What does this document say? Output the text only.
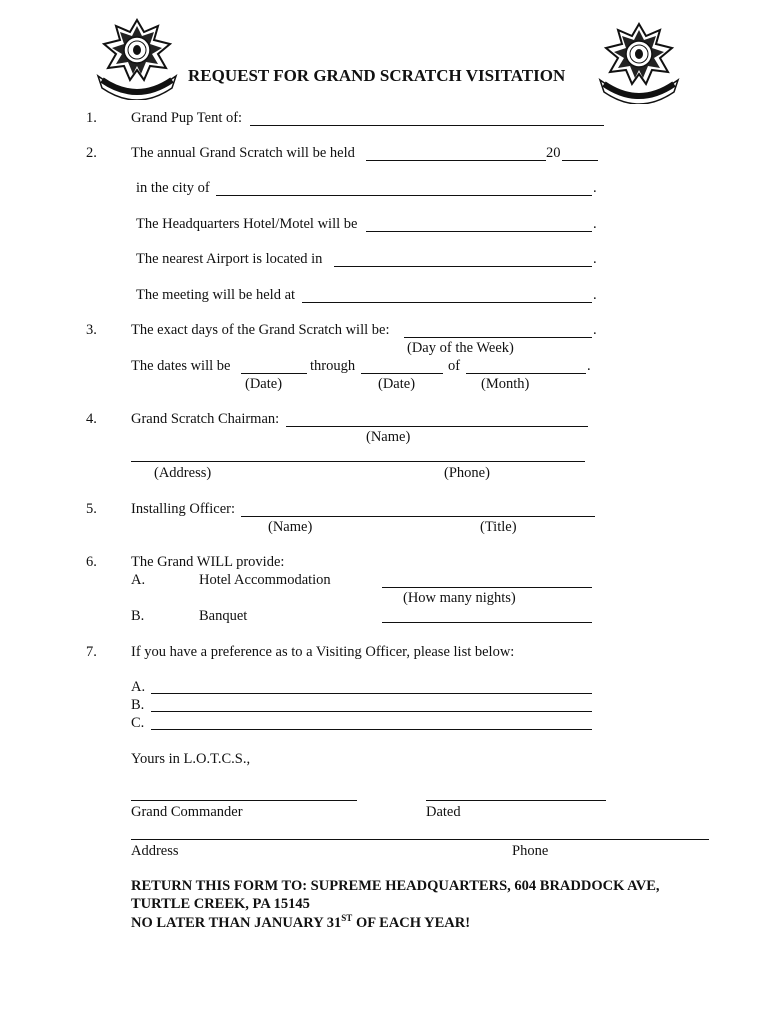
REQUEST FOR GRAND SCRATCH VISITATION
1. Grand Pup Tent of:
2. The annual Grand Scratch will be held	20
in the city of	.
The Headquarters Hotel/Motel will be	.
The nearest Airport is located in	.
The meeting will be held at	.
3. The exact days of the Grand Scratch will be:	.
(Day of the Week)
The dates will be	through	of	.
(Date)	(Date)	(Month)
4. Grand Scratch Chairman:
(Name)
(Address)	(Phone)
5. Installing Officer:
(Name)	(Title)
6. The Grand WILL provide:
A.	Hotel Accommodation
(How many nights)
B.	Banquet
7. If you have a preference as to a Visiting Officer, please list below:
A.
B.
C.
Yours in L.O.T.C.S.,
Grand Commander	Dated
Address	Phone
RETURN THIS FORM TO: SUPREME HEADQUARTERS, 604 BRADDOCK AVE,
TURTLE CREEK, PA 15145
NO LATER THAN JANUARY 31ST OF EACH YEAR!
